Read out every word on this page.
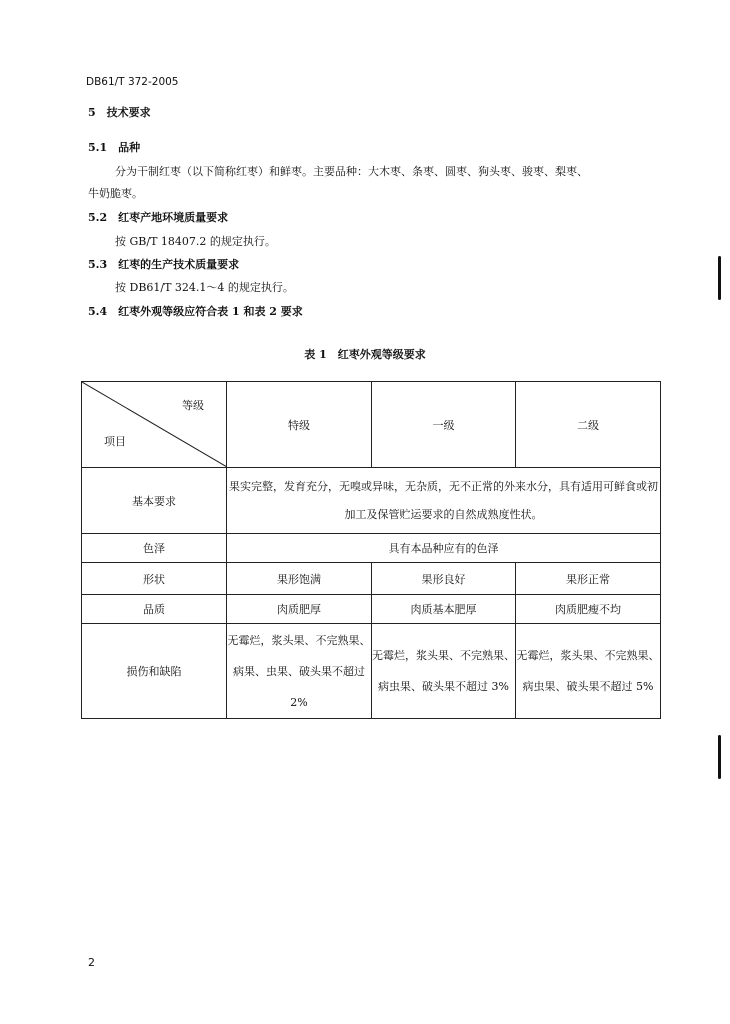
DB61/T 372-2005
5　技术要求
5.1　品种
分为干制红枣（以下简称红枣）和鲜枣。主要品种：大木枣、条枣、圆枣、狗头枣、骏枣、梨枣、
牛奶脆枣。
5.2　红枣产地环境质量要求
按 GB/T 18407.2 的规定执行。
5.3　红枣的生产技术质量要求
按 DB61/T 324.1～4 的规定执行。
5.4　红枣外观等级应符合表 1 和表 2 要求
表 1　红枣外观等级要求
等级
项目	特级	一级	二级
基本要求	果实完整，发育充分，无嗅或异味，无杂质，无不正常的外来水分，具有适用可鲜食或初加工及保管贮运要求的自然成熟度性状。		
色泽	具有本品种应有的色泽		
形状	果形饱满	果形良好	果形正常
品质	肉质肥厚	肉质基本肥厚	肉质肥瘦不均
损伤和缺陷	无霉烂，浆头果、不完熟果、病果、虫果、破头果不超过 2%	无霉烂，浆头果、不完熟果、病虫果、破头果不超过 3%	无霉烂，浆头果、不完熟果、病虫果、破头果不超过 5%
2
